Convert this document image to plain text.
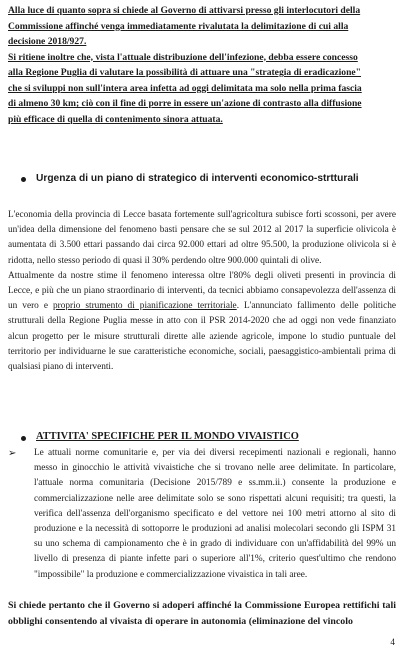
Alla luce di quanto sopra si chiede al Governo di attivarsi presso gli interlocutori della
Commissione affinché venga immediatamente rivalutata la delimitazione di cui alla
decisione 2018/927.
Si ritiene inoltre che, vista l'attuale distribuzione dell'infezione, debba essere concesso
alla Regione Puglia di valutare la possibilità di attuare una "strategia di eradicazione"
che si sviluppi non sull'intera area infetta ad oggi delimitata ma solo nella prima fascia
di almeno 30 km; ciò con il fine di porre in essere un'azione di contrasto alla diffusione
più efficace di quella di contenimento sinora attuata.

Urgenza di un piano di strategico di interventi economico-strtturali

L'economia della provincia di Lecce basata fortemente sull'agricoltura subisce forti scossoni, per avere un'idea della dimensione del fenomeno basti pensare che se sul 2012 al 2017 la superficie olivicola è aumentata di 3.500 ettari passando dai circa 92.000 ettari ad oltre 95.500, la produzione olivicola si è ridotta, nello stesso periodo di quasi il 30% perdendo oltre 900.000 quintali di olive.

Attualmente da nostre stime il fenomeno interessa oltre l'80% degli oliveti presenti in provincia di Lecce, e più che un piano straordinario di interventi, da tecnici abbiamo consapevolezza dell'assenza di un vero e proprio strumento di pianificazione territoriale. L'annunciato fallimento delle politiche strutturali della Regione Puglia messe in atto con il PSR 2014-2020 che ad oggi non vede finanziato alcun progetto per le misure strutturali dirette alle aziende agricole, impone lo studio puntuale del territorio per individuarne le sue caratteristiche economiche, sociali, paesaggistico-ambientali prima di qualsiasi piano di interventi.

ATTIVITA' SPECIFICHE PER IL MONDO VIVAISTICO

➢	Le attuali norme comunitarie e, per via dei diversi recepimenti nazionali e regionali, hanno messo in ginocchio le attività vivaistiche che si trovano nelle aree delimitate. In particolare, l'attuale norma comunitaria (Decisione 2015/789 e ss.mm.ii.) consente la produzione e commercializzazione nelle aree delimitate solo se sono rispettati alcuni requisiti; tra questi, la verifica dell'assenza dell'organismo specificato e del vettore nei 100 metri attorno al sito di produzione e la necessità di sottoporre le produzioni ad analisi molecolari secondo gli ISPM 31 su uno schema di campionamento che è in grado di individuare con un'affidabilità del 99% un livello di presenza di piante infette pari o superiore all'1%, criterio quest'ultimo che rendono "impossibile" la produzione e commercializzazione vivaistica in tali aree.

Si chiede pertanto che il Governo si adoperi affinché la Commissione Europea rettifichi tali obblighi consentendo al vivaista di operare in autonomia (eliminazione del vincolo

4
